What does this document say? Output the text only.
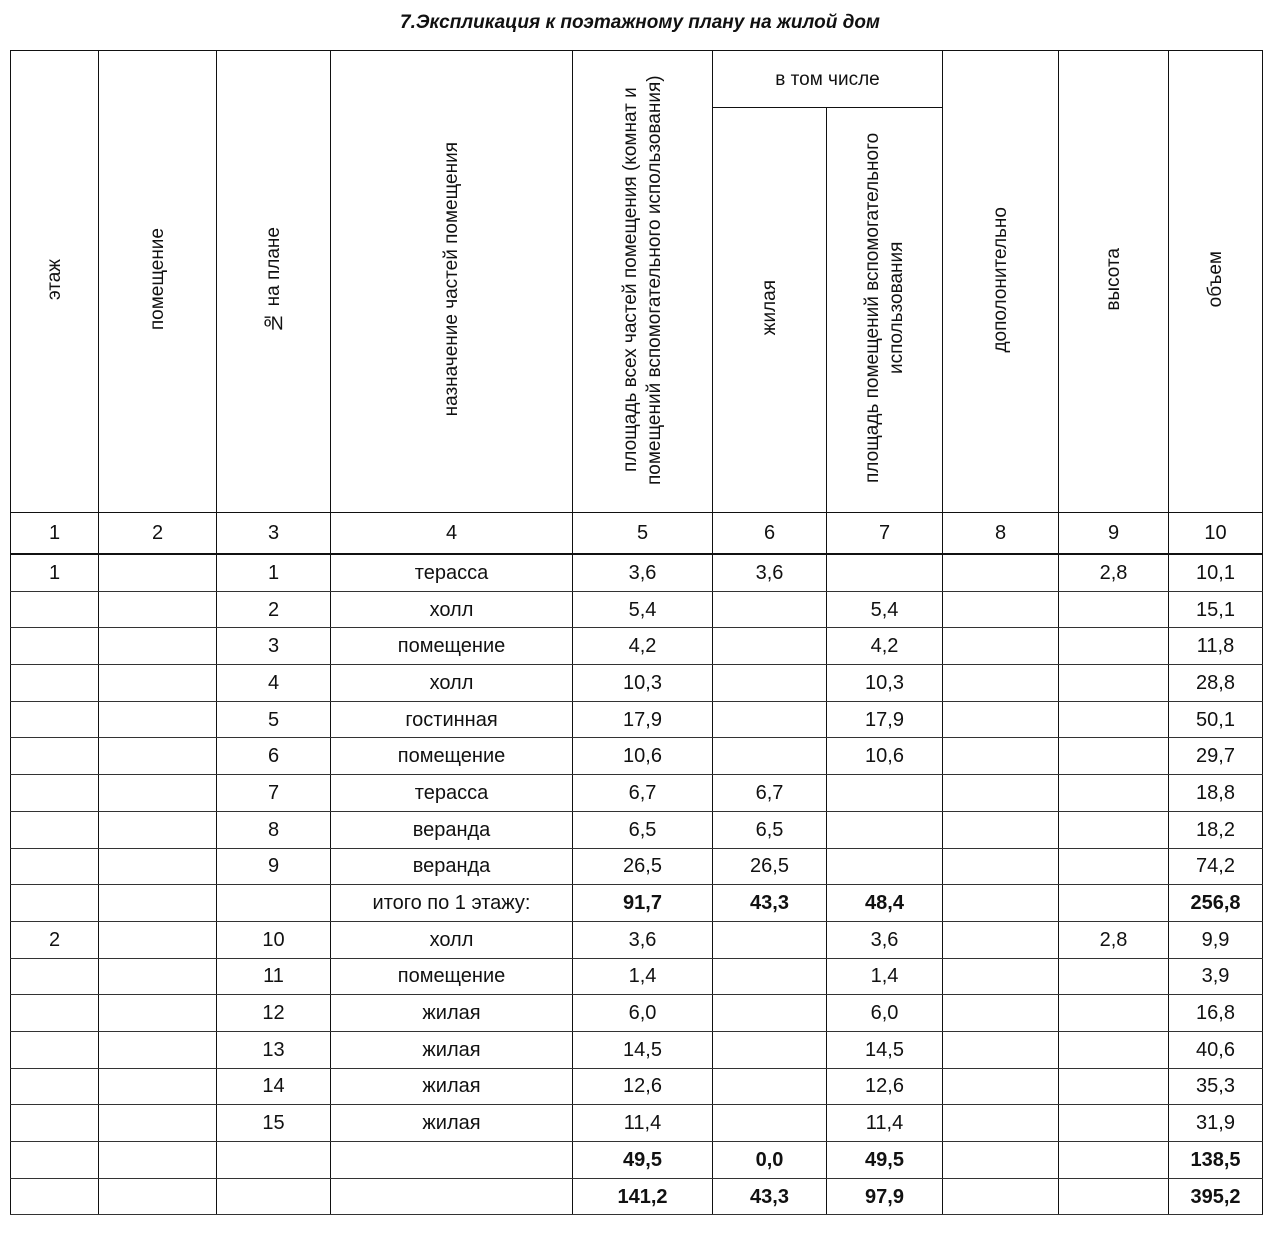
7.Экспликация к поэтажному плану на жилой дом
этаж	помещение	№ на плане	назначение частей помещения	площадь всех частей помещения (комнат и помещений вспомогательного использования)	в том числе		дополонительно	высота	объем
					жилая	площадь помещений вспомогательного использования			
1	2	3	4	5	6	7	8	9	10
1		1	терасса	3,6	3,6			2,8	10,1
		2	холл	5,4		5,4			15,1
		3	помещение	4,2		4,2			11,8
		4	холл	10,3		10,3			28,8
		5	гостинная	17,9		17,9			50,1
		6	помещение	10,6		10,6			29,7
		7	терасса	6,7	6,7				18,8
		8	веранда	6,5	6,5				18,2
		9	веранда	26,5	26,5				74,2
			итого по 1 этажу:	91,7	43,3	48,4			256,8
2		10	холл	3,6		3,6		2,8	9,9
		11	помещение	1,4		1,4			3,9
		12	жилая	6,0		6,0			16,8
		13	жилая	14,5		14,5			40,6
		14	жилая	12,6		12,6			35,3
		15	жилая	11,4		11,4			31,9
				49,5	0,0	49,5			138,5
				141,2	43,3	97,9			395,2
